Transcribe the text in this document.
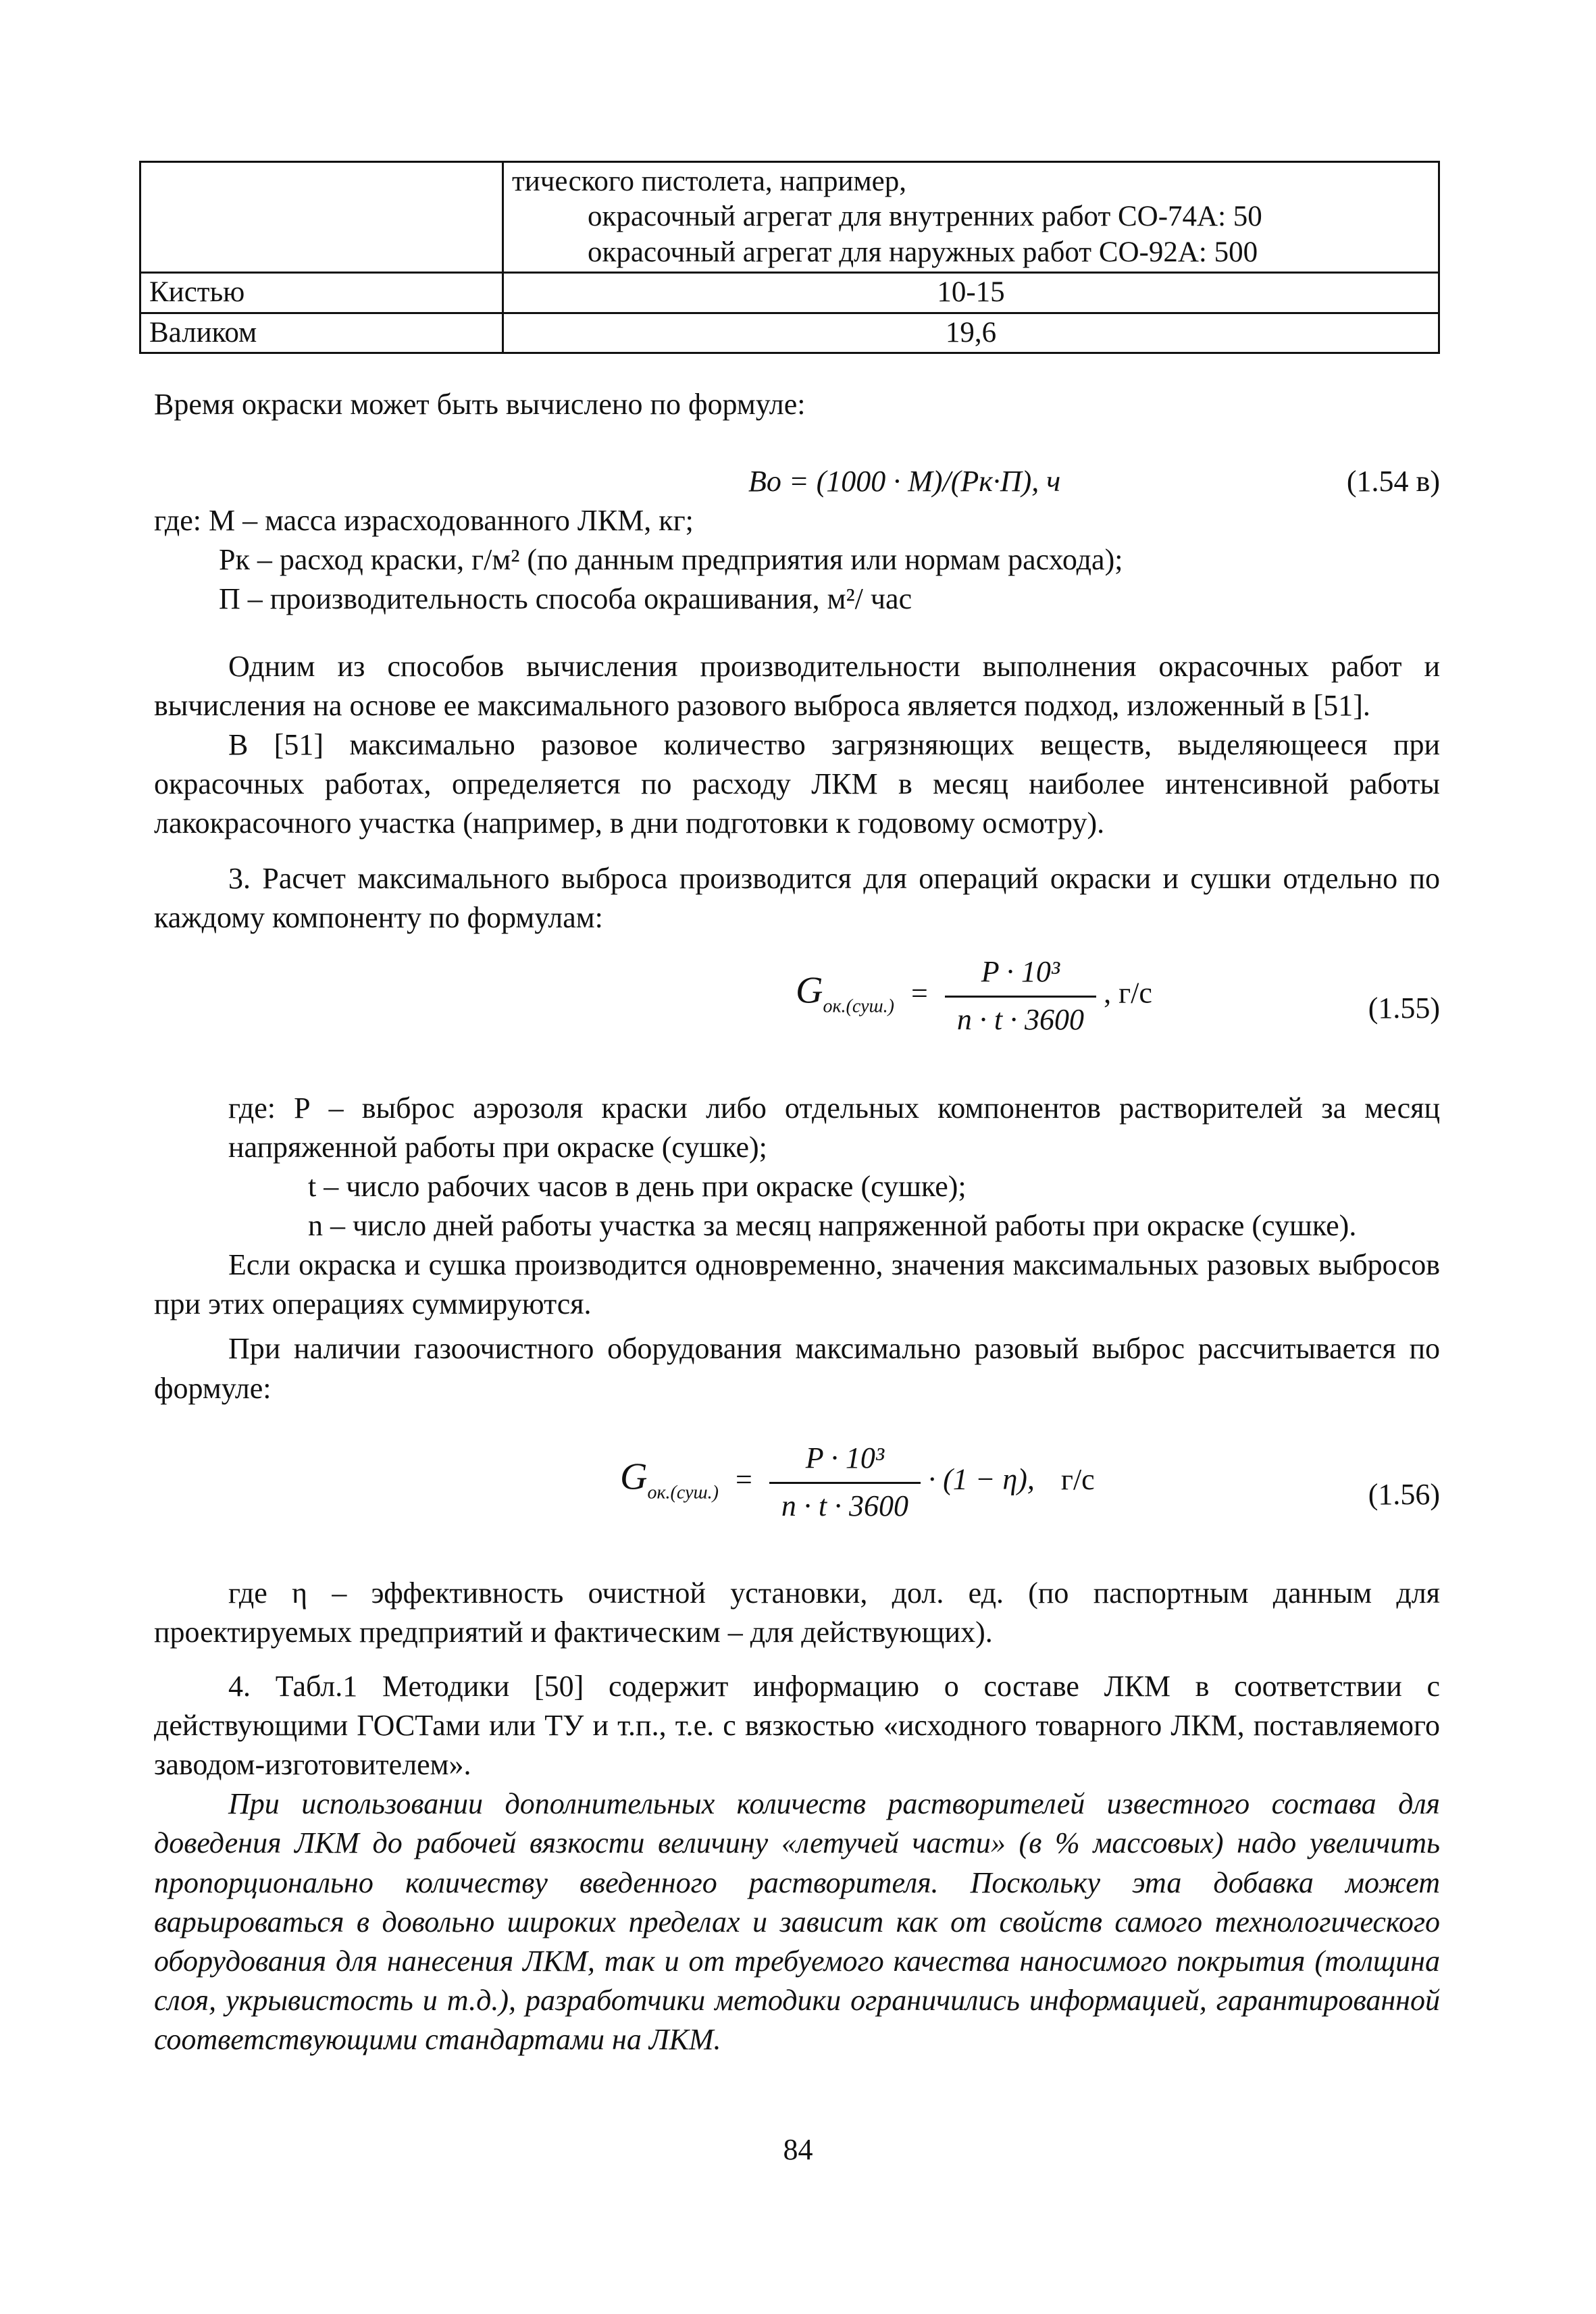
	тического пистолета, например,
окрасочный агрегат для внутренних работ СО-74А: 50
окрасочный агрегат для наружных работ СО-92А: 500

Кистью	10-15
Валиком	19,6

Время окраски может быть вычислено по формуле:

Вo = (1000 · M)/(Pк·П), ч	(1.54 в)
где: М – масса израсходованного ЛКМ, кг;
Рк – расход краски, г/м² (по данным предприятия или нормам расхода);
П – производительность способа окрашивания, м²/ час

Одним из способов вычисления производительности выполнения окрасочных работ и вычисления на основе ее максимального разового выброса является подход, изложенный в [51].

В [51] максимально разовое количество загрязняющих веществ, выделяющееся при окрасочных работах, определяется по расходу ЛКМ в месяц наиболее интенсивной работы лакокрасочного участка (например, в дни подготовки к годовому осмотру).

3. Расчет максимального выброса производится для операций окраски и сушки отдельно по каждому компоненту по формулам:

$G_{ок.(суш.)} = \frac{\text{P · 10³}}{n \cdot t \cdot 3600}$ , г/с	(1.55)

где: Р – выброс аэрозоля краски либо отдельных компонентов растворителей за месяц напряженной работы при окраске (сушке);

t – число рабочих часов в день при окраске (сушке);

n – число дней работы участка за месяц напряженной работы при окраске (сушке).

Если окраска и сушка производится одновременно, значения максимальных разовых выбросов при этих операциях суммируются.

При наличии газоочистного оборудования максимально разовый выброс рассчитывается по формуле:

$G_{ок.(суш.)} = \frac{\text{P · 10³}}{n \cdot t \cdot 3600} \cdot (1 - \eta)$, г/с	(1.56)

где η – эффективность очистной установки, дол. ед. (по паспортным данным для проектируемых предприятий и фактическим – для действующих).

4. Табл.1 Методики [50] содержит информацию о составе ЛКМ в соответствии с действующими ГОСТами или ТУ и т.п., т.е. с вязкостью «исходного товарного ЛКМ, поставляемого заводом-изготовителем».

При использовании дополнительных количеств растворителей известного состава для доведения ЛКМ до рабочей вязкости величину «летучей части» (в % массовых) надо увеличить пропорционально количеству введенного растворителя. Поскольку эта добавка может варьироваться в довольно широких пределах и зависит как от свойств самого технологического оборудования для нанесения ЛКМ, так и от требуемого качества наносимого покрытия (толщина слоя, укрывистость и т.д.), разработчики методики ограничились информацией, гарантированной соответствующими стандартами на ЛКМ.

84
